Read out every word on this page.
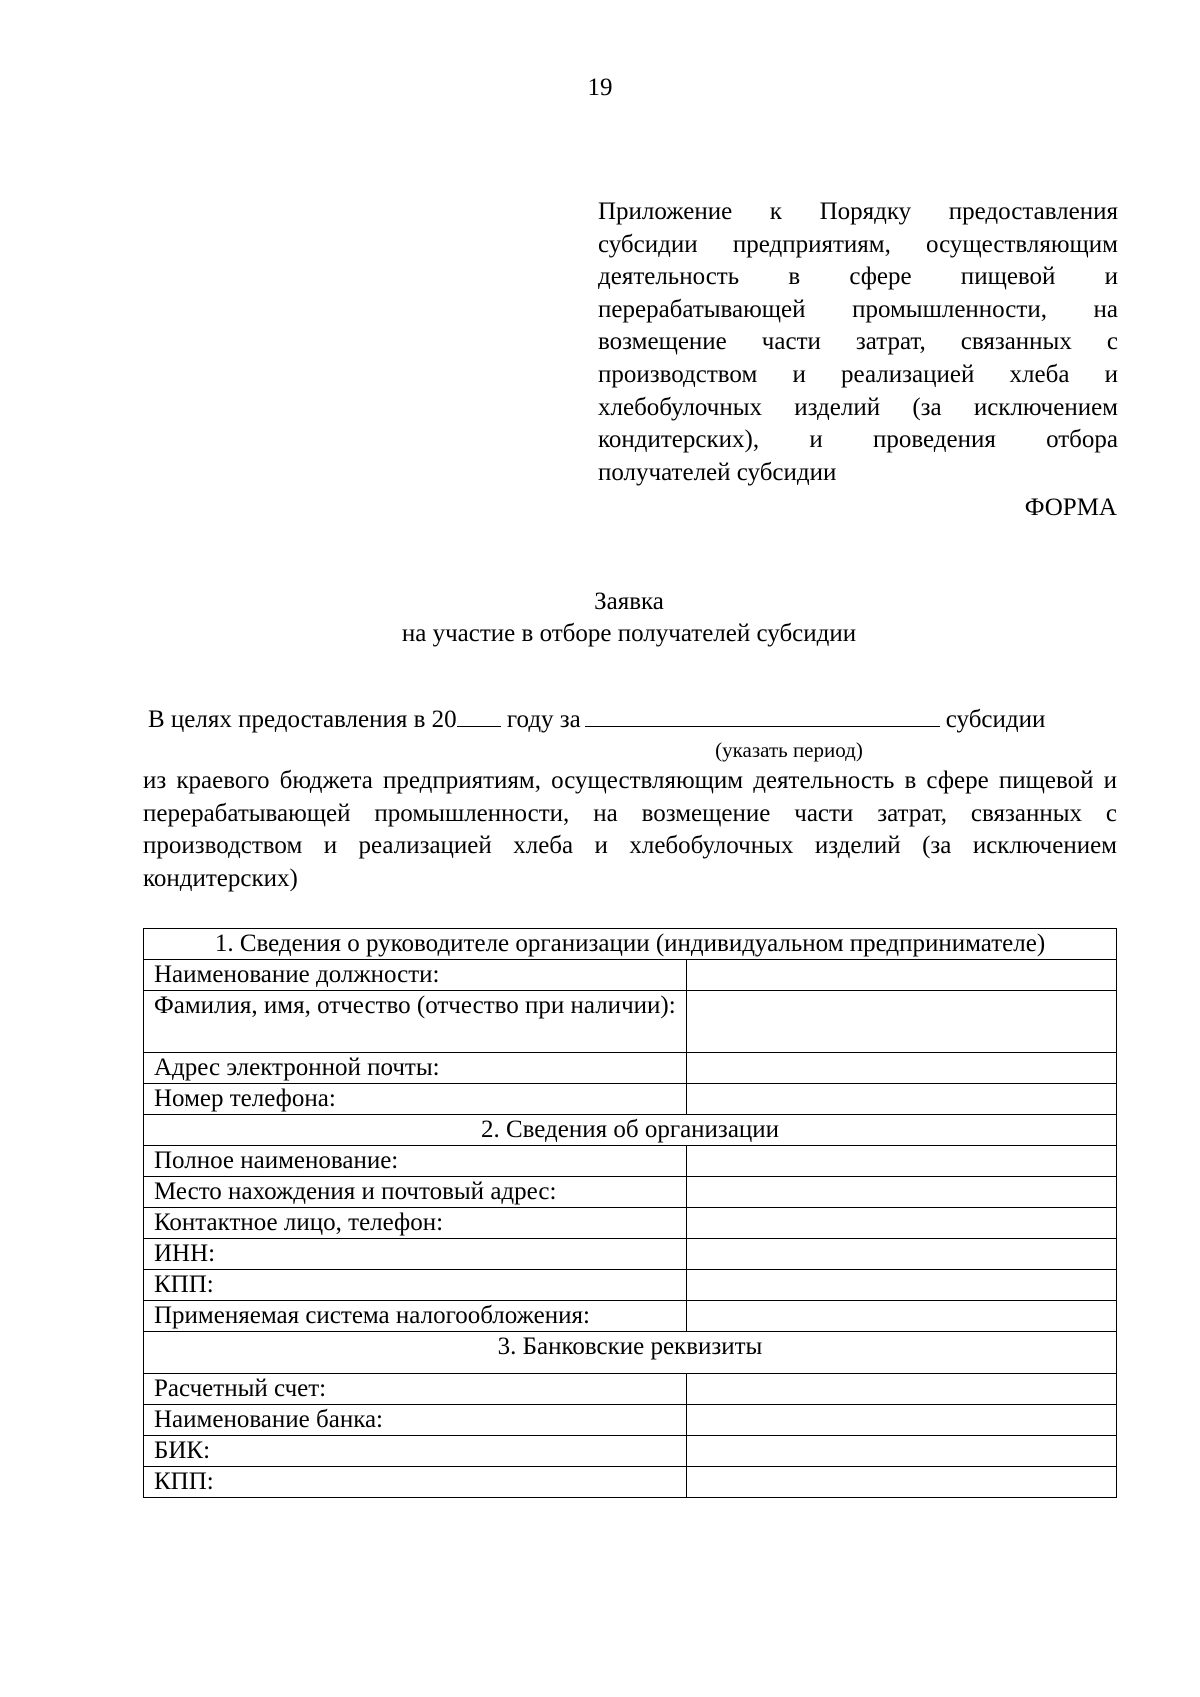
19
Приложение к Порядку предоставления субсидии предприятиям, осуществляющим деятельность в сфере пищевой и перерабатывающей промышленности, на возмещение части затрат, связанных с производством и реализацией хлеба и хлебобулочных изделий (за исключением кондитерских), и проведения отбора получателей субсидии
ФОРМА
Заявка
на участие в отборе получателей субсидии
В целях предоставления в 20 году за	субсидии
(указать период)
из краевого бюджета предприятиям, осуществляющим деятельность в сфере пищевой и перерабатывающей промышленности, на возмещение части затрат, связанных с производством и реализацией хлеба и хлебобулочных изделий (за исключением кондитерских)
1. Сведения о руководителе организации (индивидуальном предпринимателе)	
Наименование должности:	
Фамилия, имя, отчество (отчество при наличии):	
Адрес электронной почты:	
Номер телефона:	
2. Сведения об организации	
Полное наименование:	
Место нахождения и почтовый адрес:	
Контактное лицо, телефон:	
ИНН:	
КПП:	
Применяемая система налогообложения:	
3. Банковские реквизиты	
Расчетный счет:	
Наименование банка:	
БИК:	
КПП:	
